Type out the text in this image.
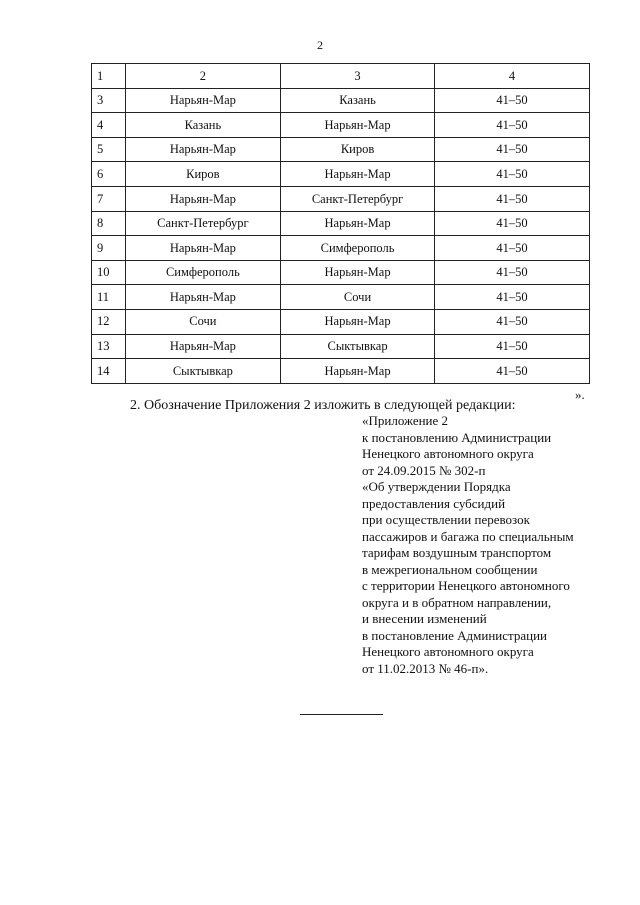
2
1	2	3	4
3	Нарьян-Мар	Казань	41–50
4	Казань	Нарьян-Мар	41–50
5	Нарьян-Мар	Киров	41–50
6	Киров	Нарьян-Мар	41–50
7	Нарьян-Мар	Санкт-Петербург	41–50
8	Санкт-Петербург	Нарьян-Мар	41–50
9	Нарьян-Мар	Симферополь	41–50
10	Симферополь	Нарьян-Мар	41–50
11	Нарьян-Мар	Сочи	41–50
12	Сочи	Нарьян-Мар	41–50
13	Нарьян-Мар	Сыктывкар	41–50
14	Сыктывкар	Нарьян-Мар	41–50
».
2. Обозначение Приложения 2 изложить в следующей редакции:
«Приложение 2
к постановлению Администрации
Ненецкого автономного округа
от 24.09.2015 № 302-п
«Об утверждении Порядка
предоставления субсидий
при осуществлении перевозок
пассажиров и багажа по специальным
тарифам воздушным транспортом
в межрегиональном сообщении
с территории Ненецкого автономного
округа и в обратном направлении,
и внесении изменений
в постановление Администрации
Ненецкого автономного округа
от 11.02.2013 № 46-п».
